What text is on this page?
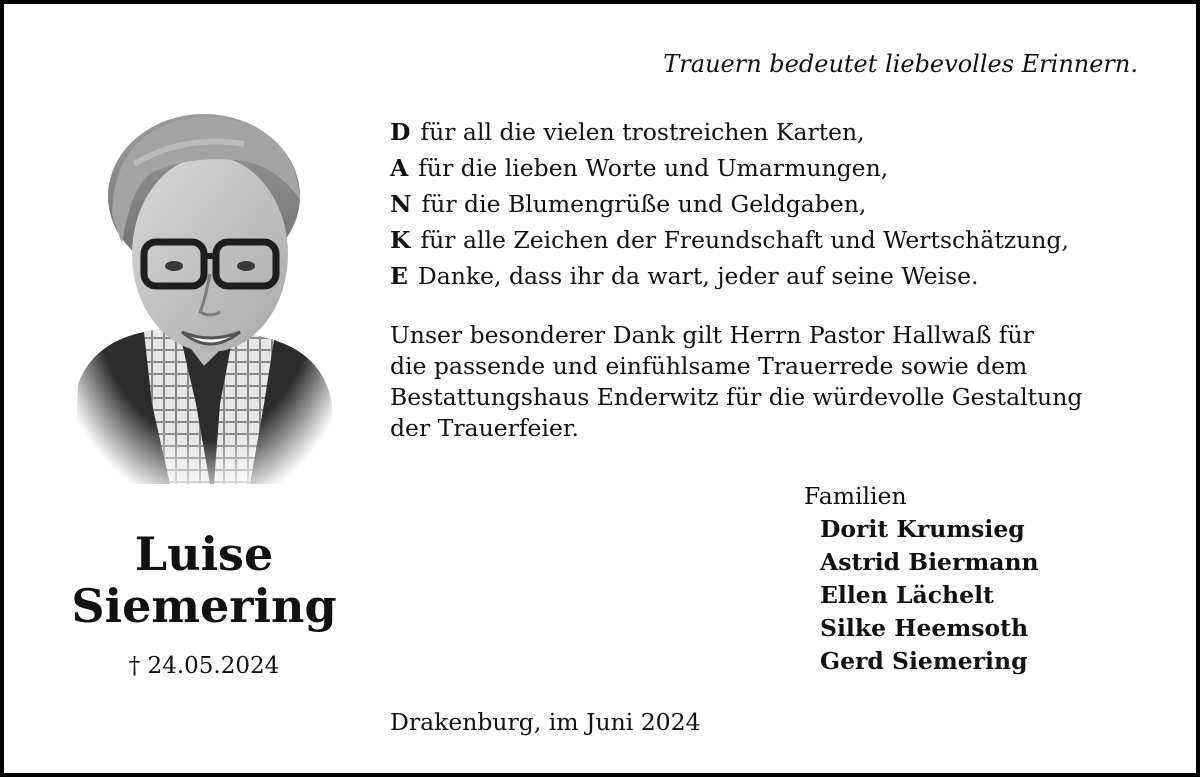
Trauern bedeutet liebevolles Erinnern.
Luise
Siemering
† 24.05.2024
D für all die vielen trostreichen Karten,
A für die lieben Worte und Umarmungen,
N für die Blumengrüße und Geldgaben,
K für alle Zeichen der Freundschaft und Wertschätzung,
E Danke, dass ihr da wart, jeder auf seine Weise.
Unser besonderer Dank gilt Herrn Pastor Hallwaß für
die passende und einfühlsame Trauerrede sowie dem
Bestattungshaus Enderwitz für die würdevolle Gestaltung
der Trauerfeier.
Familien
Dorit Krumsieg
Astrid Biermann
Ellen Lächelt
Silke Heemsoth
Gerd Siemering
Drakenburg, im Juni 2024
